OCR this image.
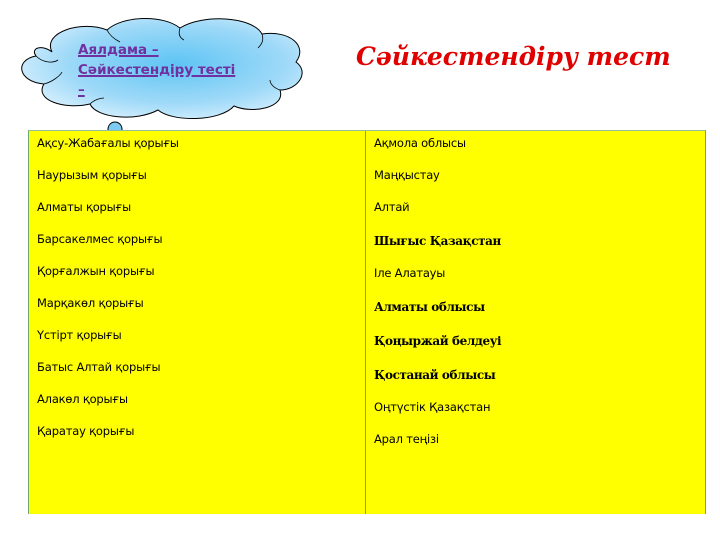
Аялдама –
Сәйкестендіру тесті
–
Сәйкестендіру тест
Ақсу-Жабағалы қорығы
Наурызым қорығы
Алматы қорығы
Барсакелмес қорығы
Қорғалжын қорығы
Марқакөл қорығы
Үстірт қорығы
Батыс Алтай қорығы
Алакөл қорығы
Қаратау қорығы
Ақмола облысы
Маңқыстау
Алтай
Шығыс Қазақстан
Іле Алатауы
Алматы облысы
Қоңыржай белдеуі
Қостанай облысы
Оңтүстік Қазақстан
Арал теңізі
